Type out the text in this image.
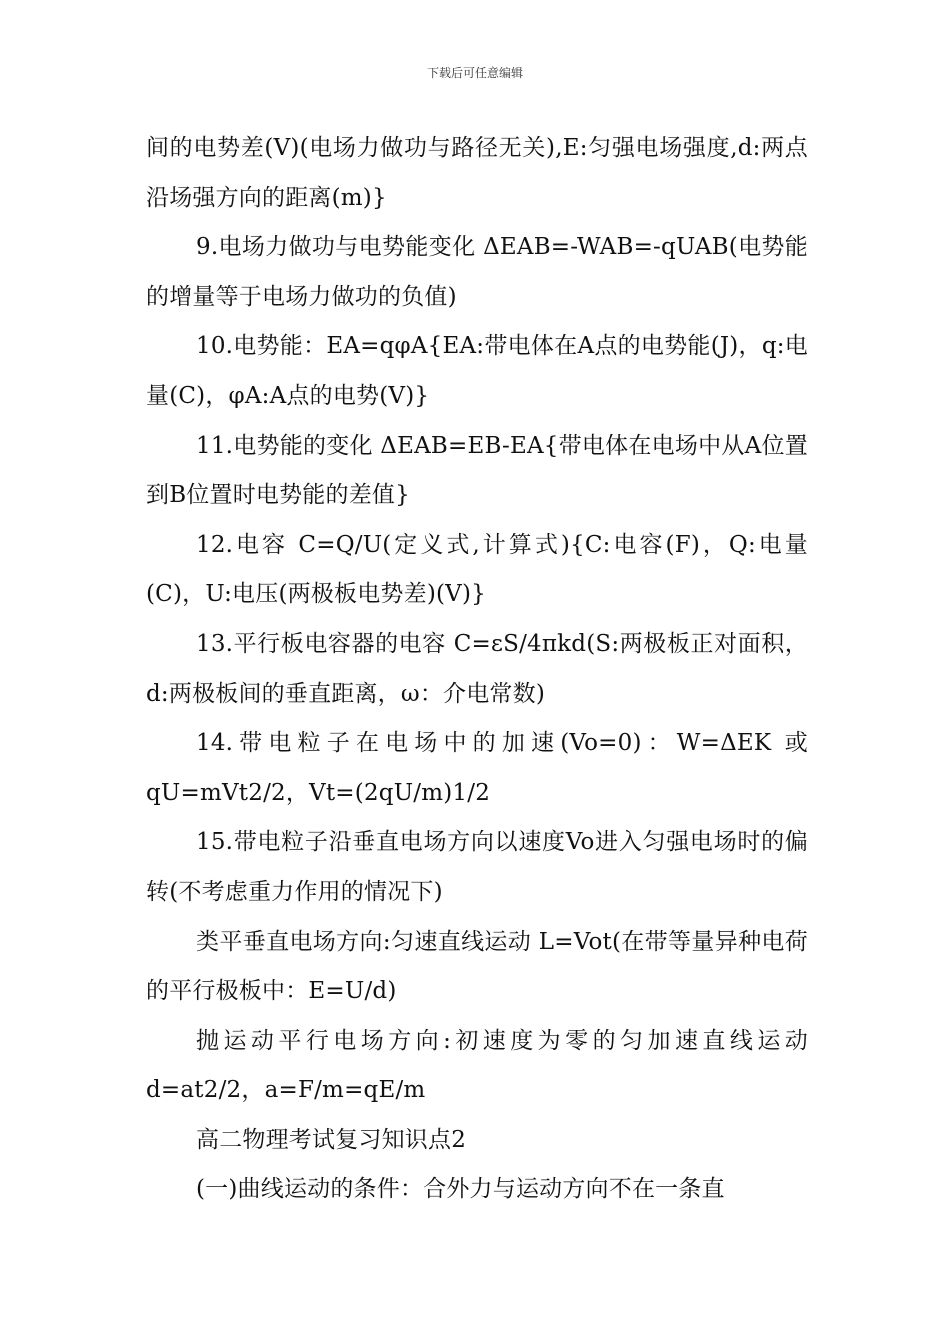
下载后可任意编辑

间的电势差(V)(电场力做功与路径无关),E:匀强电场强度,d:两点沿场强方向的距离(m)}

9.电场力做功与电势能变化 ΔEAB=-WAB=-qUAB(电势能的增量等于电场力做功的负值)

10.电势能：EA=qφA{EA:带电体在A点的电势能(J)，q:电量(C)，φA:A点的电势(V)}

11.电势能的变化 ΔEAB=EB-EA{带电体在电场中从A位置到B位置时电势能的差值}

12.电容 C=Q/U(定义式,计算式){C:电容(F)，Q:电量(C)，U:电压(两极板电势差)(V)}

13.平行板电容器的电容 C=εS/4πkd(S:两极板正对面积，d:两极板间的垂直距离，ω：介电常数)

14.带电粒子在电场中的加速(Vo=0)：W=ΔEK 或 qU=mVt2/2，Vt=(2qU/m)1/2

15.带电粒子沿垂直电场方向以速度Vo进入匀强电场时的偏转(不考虑重力作用的情况下)

类平垂直电场方向:匀速直线运动 L=Vot(在带等量异种电荷的平行极板中：E=U/d)

抛运动平行电场方向:初速度为零的匀加速直线运动 d=at2/2，a=F/m=qE/m

高二物理考试复习知识点2

(一)曲线运动的条件：合外力与运动方向不在一条直
